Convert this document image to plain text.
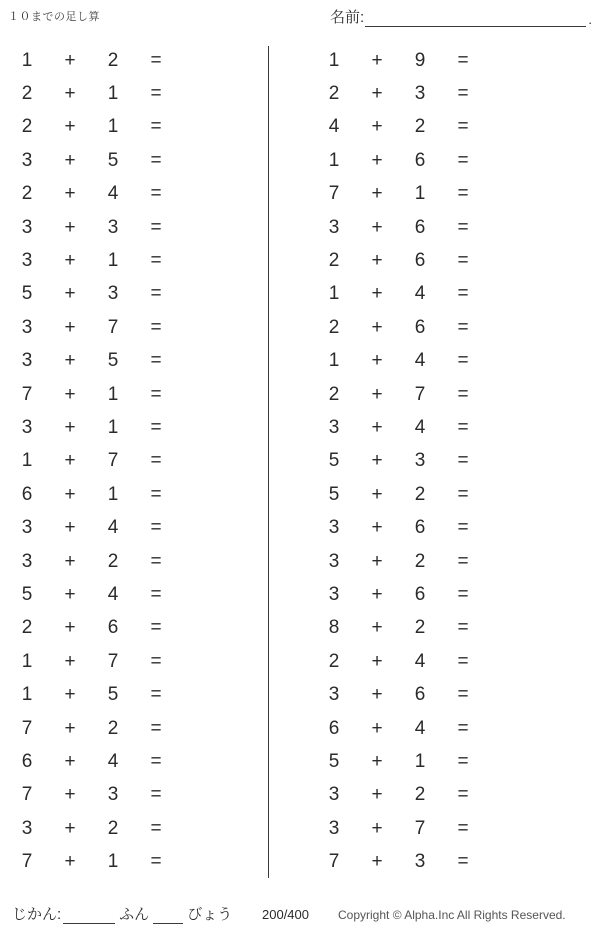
１０までの足し算	名前:	.
1	+	2	=
2	+	1	=
2	+	1	=
3	+	5	=
2	+	4	=
3	+	3	=
3	+	1	=
5	+	3	=
3	+	7	=
3	+	5	=
7	+	1	=
3	+	1	=
1	+	7	=
6	+	1	=
3	+	4	=
3	+	2	=
5	+	4	=
2	+	6	=
1	+	7	=
1	+	5	=
7	+	2	=
6	+	4	=
7	+	3	=
3	+	2	=
7	+	1	=
1	+	9	=
2	+	3	=
4	+	2	=
1	+	6	=
7	+	1	=
3	+	6	=
2	+	6	=
1	+	4	=
2	+	6	=
1	+	4	=
2	+	7	=
3	+	4	=
5	+	3	=
5	+	2	=
3	+	6	=
3	+	2	=
3	+	6	=
8	+	2	=
2	+	4	=
3	+	6	=
6	+	4	=
5	+	1	=
3	+	2	=
3	+	7	=
7	+	3	=
じかん:	ふん	びょう 200/400 Copyright © Alpha.Inc All Rights Reserved.
